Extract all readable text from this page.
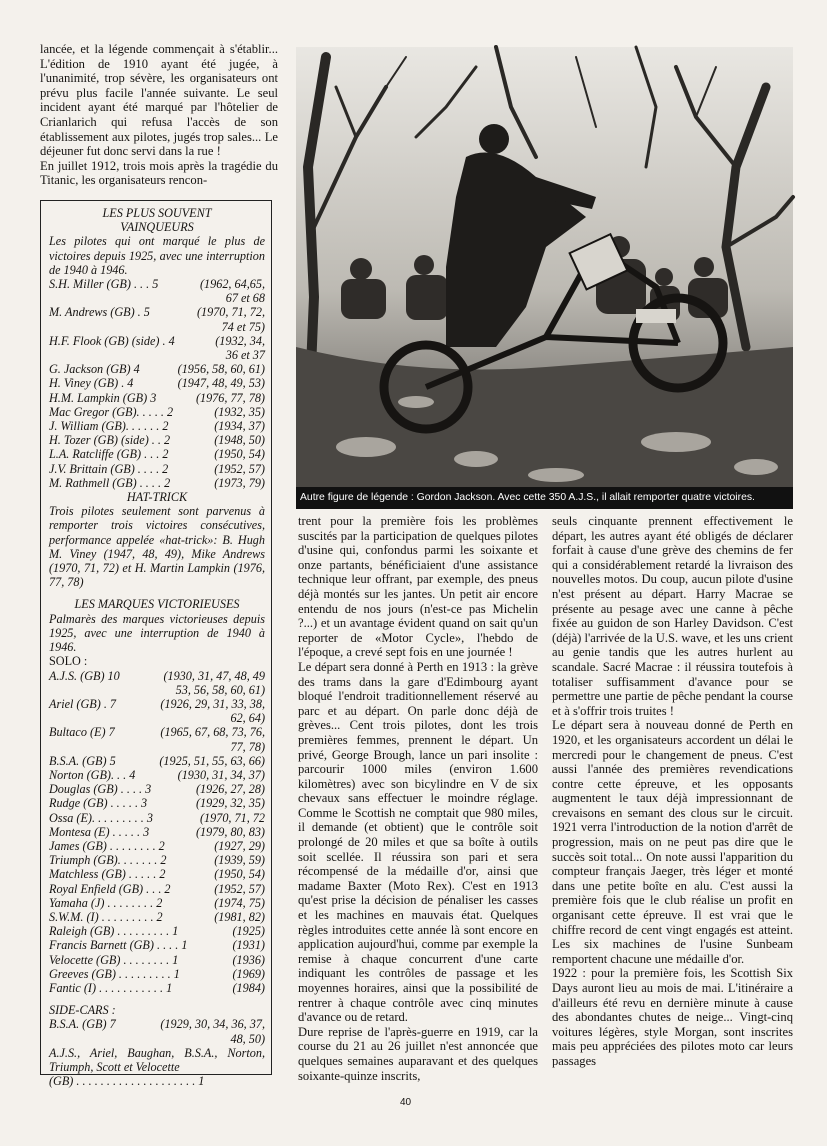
lancée, et la légende commençait à s'établir... L'édition de 1910 ayant été jugée, à l'unanimité, trop sévère, les organisateurs ont prévu plus facile l'année suivante. Le seul incident ayant été marqué par l'hôtelier de Crianlarich qui refusa l'accès de son établissement aux pilotes, jugés trop sales... Le déjeuner fut donc servi dans la rue !

En juillet 1912, trois mois après la tragédie du Titanic, les organisateurs rencon-

LES PLUS SOUVENT

VAINQUEURS

Les pilotes qui ont marqué le plus de victoires depuis 1925, avec une interruption de 1940 à 1946.

S.H. Miller (GB) . . . 5	(1962, 64,65,
67 et 68
M. Andrews (GB) . 5	(1970, 71, 72,
74 et 75)
H.F. Flook (GB) (side) . 4	(1932, 34,
36 et 37
G. Jackson (GB) 4	(1956, 58, 60, 61)
H. Viney (GB) . 4	(1947, 48, 49, 53)
H.M. Lampkin (GB) 3	(1976, 77, 78)
Mac Gregor (GB). . . . . 2	(1932, 35)
J. William (GB). . . . . . 2	(1934, 37)
H. Tozer (GB) (side) . . 2	(1948, 50)
L.A. Ratcliffe (GB) . . . 2	(1950, 54)
J.V. Brittain (GB) . . . . 2	(1952, 57)
M. Rathmell (GB) . . . . 2	(1973, 79)

HAT-TRICK

Trois pilotes seulement sont parvenus à remporter trois victoires consécutives, performance appelée «hat-trick»: B. Hugh M. Viney (1947, 48, 49), Mike Andrews (1970, 71, 72) et H. Martin Lampkin (1976, 77, 78)

LES MARQUES VICTORIEUSES

Palmarès des marques victorieuses depuis 1925, avec une interruption de 1940 à 1946.

SOLO :

A.J.S. (GB) 10	(1930, 31, 47, 48, 49
53, 56, 58, 60, 61)
Ariel (GB) . 7	(1926, 29, 31, 33, 38,
62, 64)
Bultaco (E) 7	(1965, 67, 68, 73, 76,
77, 78)
B.S.A. (GB) 5	(1925, 51, 55, 63, 66)
Norton (GB). . . 4	(1930, 31, 34, 37)
Douglas (GB) . . . . 3	(1926, 27, 28)
Rudge (GB) . . . . . 3	(1929, 32, 35)
Ossa (E). . . . . . . . . 3	(1970, 71, 72
Montesa (E) . . . . . 3	(1979, 80, 83)
James (GB) . . . . . . . . 2	(1927, 29)
Triumph (GB). . . . . . . 2	(1939, 59)
Matchless (GB) . . . . . 2	(1950, 54)
Royal Enfield (GB) . . . 2	(1952, 57)
Yamaha (J) . . . . . . . . 2	(1974, 75)
S.W.M. (I) . . . . . . . . . 2	(1981, 82)
Raleigh (GB) . . . . . . . . . 1	(1925)
Francis Barnett (GB) . . . . 1	(1931)
Velocette (GB) . . . . . . . . 1	(1936)
Greeves (GB) . . . . . . . . . 1	(1969)
Fantic (I) . . . . . . . . . . . 1	(1984)

SIDE-CARS :

B.S.A. (GB) 7	(1929, 30, 34, 36, 37,
48, 50)

A.J.S., Ariel, Baughan, B.S.A., Norton, Triumph, Scott et Velocette

(GB) . . . . . . . . . . . . . . . . . . . . 1

Autre figure de légende : Gordon Jackson. Avec cette 350 A.J.S., il allait remporter quatre victoires.

trent pour la première fois les problèmes suscités par la participation de quelques pilotes d'usine qui, confondus parmi les soixante et onze partants, bénéficiaient d'une assistance technique leur offrant, par exemple, des pneus déjà montés sur les jantes. Un petit air encore entendu de nos jours (n'est-ce pas Michelin ?...) et un avantage évident quand on sait qu'un reporter de «Motor Cycle», l'hebdo de l'époque, a crevé sept fois en une journée !

Le départ sera donné à Perth en 1913 : la grève des trams dans la gare d'Edimbourg ayant bloqué l'endroit traditionnellement réservé au parc et au départ. On parle donc déjà de grèves... Cent trois pilotes, dont les trois premières femmes, prennent le départ. Un privé, George Brough, lance un pari insolite : parcourir 1000 miles (environ 1.600 kilomètres) avec son bicylindre en V de six chevaux sans effectuer le moindre réglage. Comme le Scottish ne comptait que 980 miles, il demande (et obtient) que le contrôle soit prolongé de 20 miles et que sa boîte à outils soit scellée. Il réussira son pari et sera récompensé de la médaille d'or, ainsi que madame Baxter (Moto Rex). C'est en 1913 qu'est prise la décision de pénaliser les casses et les machines en mauvais état. Quelques règles introduites cette année là sont encore en application aujourd'hui, comme par exemple la remise à chaque concurrent d'une carte indiquant les contrôles de passage et les moyennes horaires, ainsi que la possibilité de rentrer à chaque contrôle avec cinq minutes d'avance ou de retard.

Dure reprise de l'après-guerre en 1919, car la course du 21 au 26 juillet n'est annoncée que quelques semaines auparavant et des quelques soixante-quinze inscrits,

seuls cinquante prennent effectivement le départ, les autres ayant été obligés de déclarer forfait à cause d'une grève des chemins de fer qui a considérablement retardé la livraison des nouvelles motos. Du coup, aucun pilote d'usine n'est présent au départ. Harry Macrae se présente au pesage avec une canne à pêche fixée au guidon de son Harley Davidson. C'est (déjà) l'arrivée de la U.S. wave, et les uns crient au genie tandis que les autres hurlent au scandale. Sacré Macrae : il réussira toutefois à totaliser suffisamment d'avance pour se permettre une partie de pêche pendant la course et à s'offrir trois truites !

Le départ sera à nouveau donné de Perth en 1920, et les organisateurs accordent un délai le mercredi pour le changement de pneus. C'est aussi l'année des premières revendications contre cette épreuve, et les opposants augmentent le taux déjà impressionnant de crevaisons en semant des clous sur le circuit. 1921 verra l'introduction de la notion d'arrêt de progression, mais on ne peut pas dire que le succès soit total... On note aussi l'apparition du compteur français Jaeger, très léger et monté dans une petite boîte en alu. C'est aussi la première fois que le club réalise un profit en organisant cette épreuve. Il est vrai que le chiffre record de cent vingt engagés est atteint. Les six machines de l'usine Sunbeam remportent chacune une médaille d'or.

1922 : pour la première fois, les Scottish Six Days auront lieu au mois de mai. L'itinéraire a d'ailleurs été revu en dernière minute à cause des abondantes chutes de neige... Vingt-cinq voitures légères, style Morgan, sont inscrites mais peu appréciées des pilotes moto car leurs passages

40
